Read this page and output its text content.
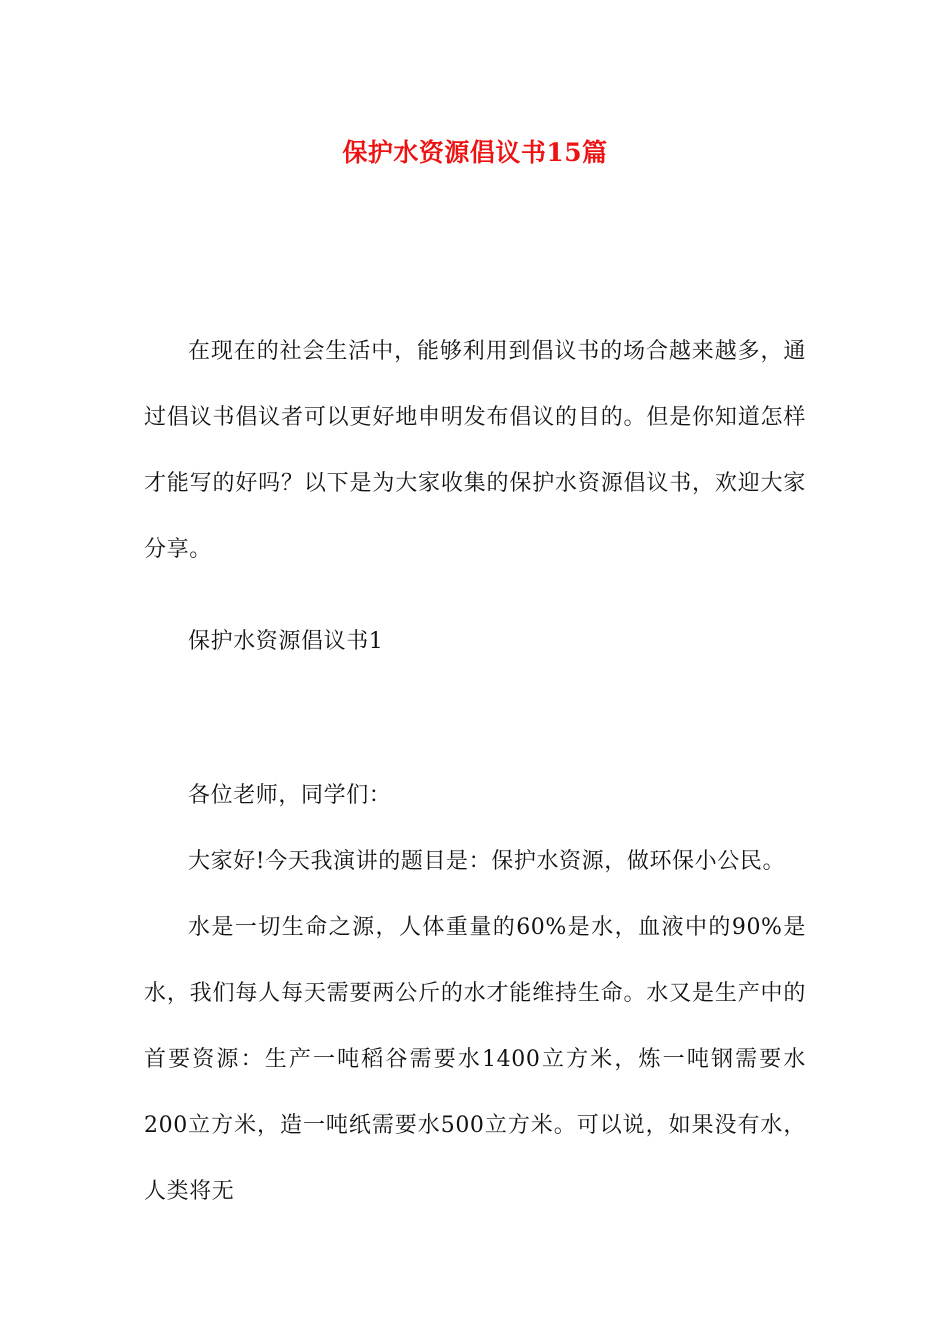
保护水资源倡议书15篇

在现在的社会生活中，能够利用到倡议书的场合越来越多，通过倡议书倡议者可以更好地申明发布倡议的目的。但是你知道怎样才能写的好吗？以下是为大家收集的保护水资源倡议书，欢迎大家分享。

保护水资源倡议书1

各位老师，同学们：

大家好!今天我演讲的题目是：保护水资源，做环保小公民。

水是一切生命之源，人体重量的60%是水，血液中的90%是水，我们每人每天需要两公斤的水才能维持生命。水又是生产中的首要资源：生产一吨稻谷需要水1400立方米，炼一吨钢需要水200立方米，造一吨纸需要水500立方米。可以说，如果没有水，人类将无
